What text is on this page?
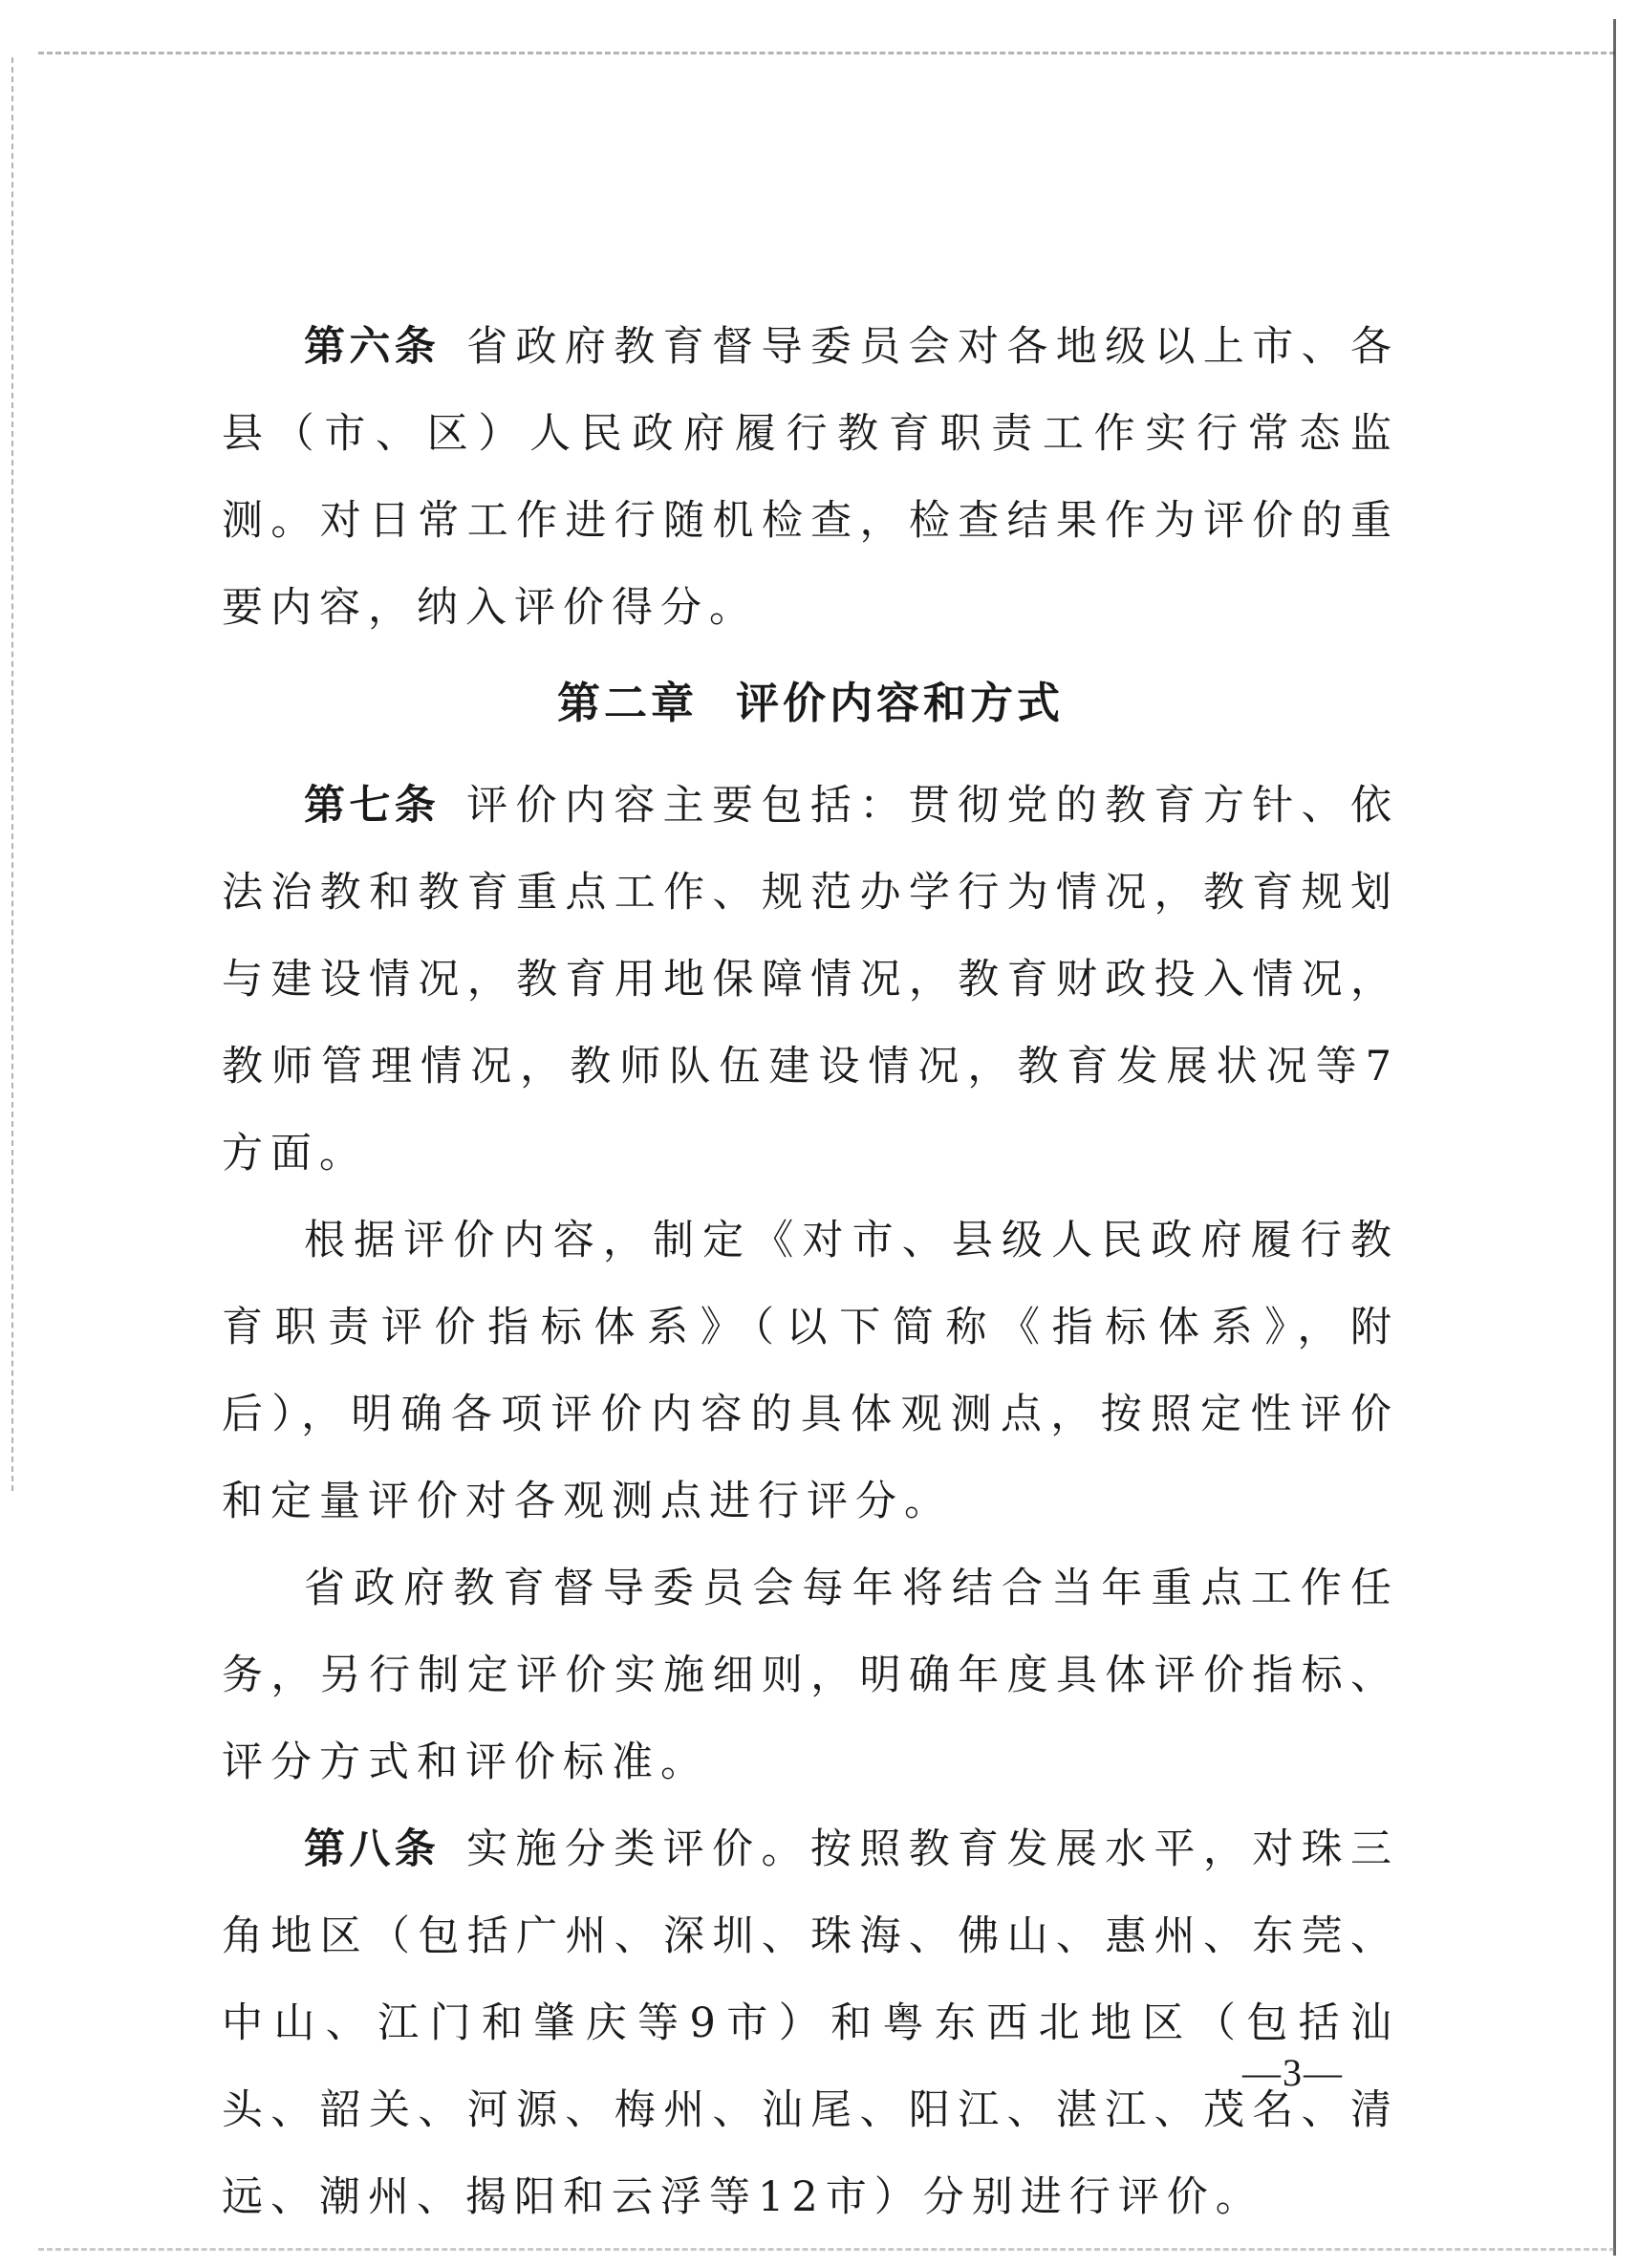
第六条 省政府教育督导委员会对各地级以上市、各县（市、区）人民政府履行教育职责工作实行常态监测。对日常工作进行随机检查，检查结果作为评价的重要内容，纳入评价得分。

第二章 评价内容和方式

第七条 评价内容主要包括：贯彻党的教育方针、依法治教和教育重点工作、规范办学行为情况，教育规划与建设情况，教育用地保障情况，教育财政投入情况，教师管理情况，教师队伍建设情况，教育发展状况等7方面。

根据评价内容，制定《对市、县级人民政府履行教育职责评价指标体系》（以下简称《指标体系》，附后），明确各项评价内容的具体观测点，按照定性评价和定量评价对各观测点进行评分。

省政府教育督导委员会每年将结合当年重点工作任务，另行制定评价实施细则，明确年度具体评价指标、评分方式和评价标准。

第八条 实施分类评价。按照教育发展水平，对珠三角地区（包括广州、深圳、珠海、佛山、惠州、东莞、中山、江门和肇庆等9市）和粤东西北地区（包括汕头、韶关、河源、梅州、汕尾、阳江、湛江、茂名、清远、潮州、揭阳和云浮等12市）分别进行评价。

—3—
